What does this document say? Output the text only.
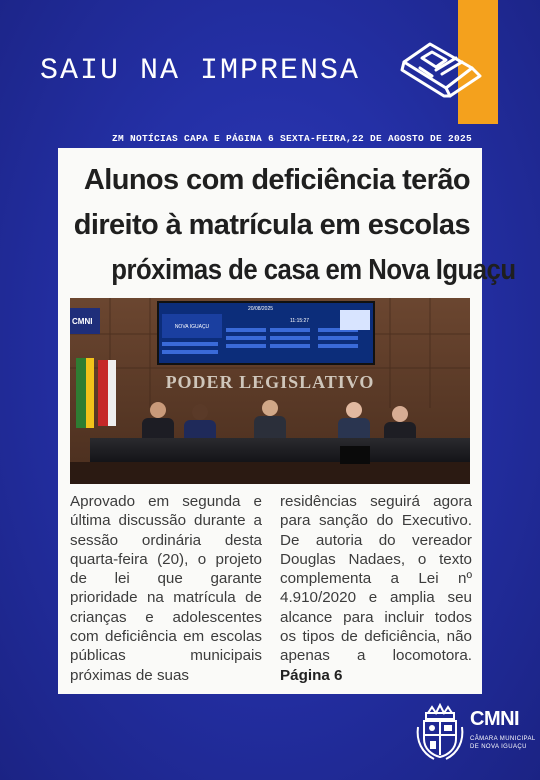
SAIU NA IMPRENSA
ZM NOTÍCIAS CAPA E PÁGINA 6 SEXTA-FEIRA,22 DE AGOSTO DE 2025
Alunos com deficiência terão
direito à matrícula em escolas
próximas de casa em Nova Iguaçu
NOVA IGUAÇU
20/08/2025
11:15:27
PODER LEGISLATIVO
CMNI

Aprovado em segunda e última discussão durante a sessão ordinária desta quarta-feira (20), o projeto de lei que garante prioridade na matrícula de crianças e adolescentes com deficiência em escolas públicas municipais próximas de suas

residências seguirá agora para sanção do Executivo. De autoria do vereador Douglas Nadaes, o texto complementa a Lei nº 4.910/2020 e amplia seu alcance para incluir todos os tipos de deficiência, não apenas a locomotora. Página 6

CMNI
CÂMARA MUNICIPAL
DE NOVA IGUAÇU
